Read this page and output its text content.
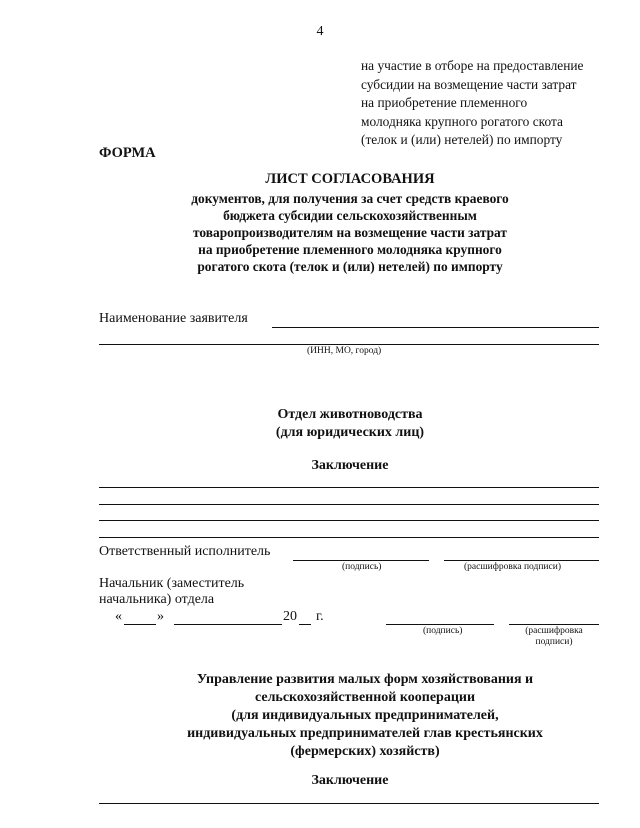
4
на участие в отборе на предоставление
субсидии на возмещение части затрат
на приобретение племенного
молодняка крупного рогатого скота
(телок и (или) нетелей) по импорту
ФОРМА
ЛИСТ СОГЛАСОВАНИЯ
документов, для получения за счет средств краевого
бюджета субсидии сельскохозяйственным
товаропроизводителям на возмещение части затрат
на приобретение племенного молодняка крупного
рогатого скота (телок и (или) нетелей) по импорту
Наименование заявителя
(ИНН, МО, город)
Отдел животноводства
(для юридических лиц)
Заключение
Ответственный исполнитель
(подпись)	(расшифровка подписи)
Начальник (заместитель
начальника) отдела
«	»	20 г.
(подпись)	(расшифровка
подписи)
Управление развития малых форм хозяйствования и
сельскохозяйственной кооперации
(для индивидуальных предпринимателей,
индивидуальных предпринимателей глав крестьянских
(фермерских) хозяйств)
Заключение
